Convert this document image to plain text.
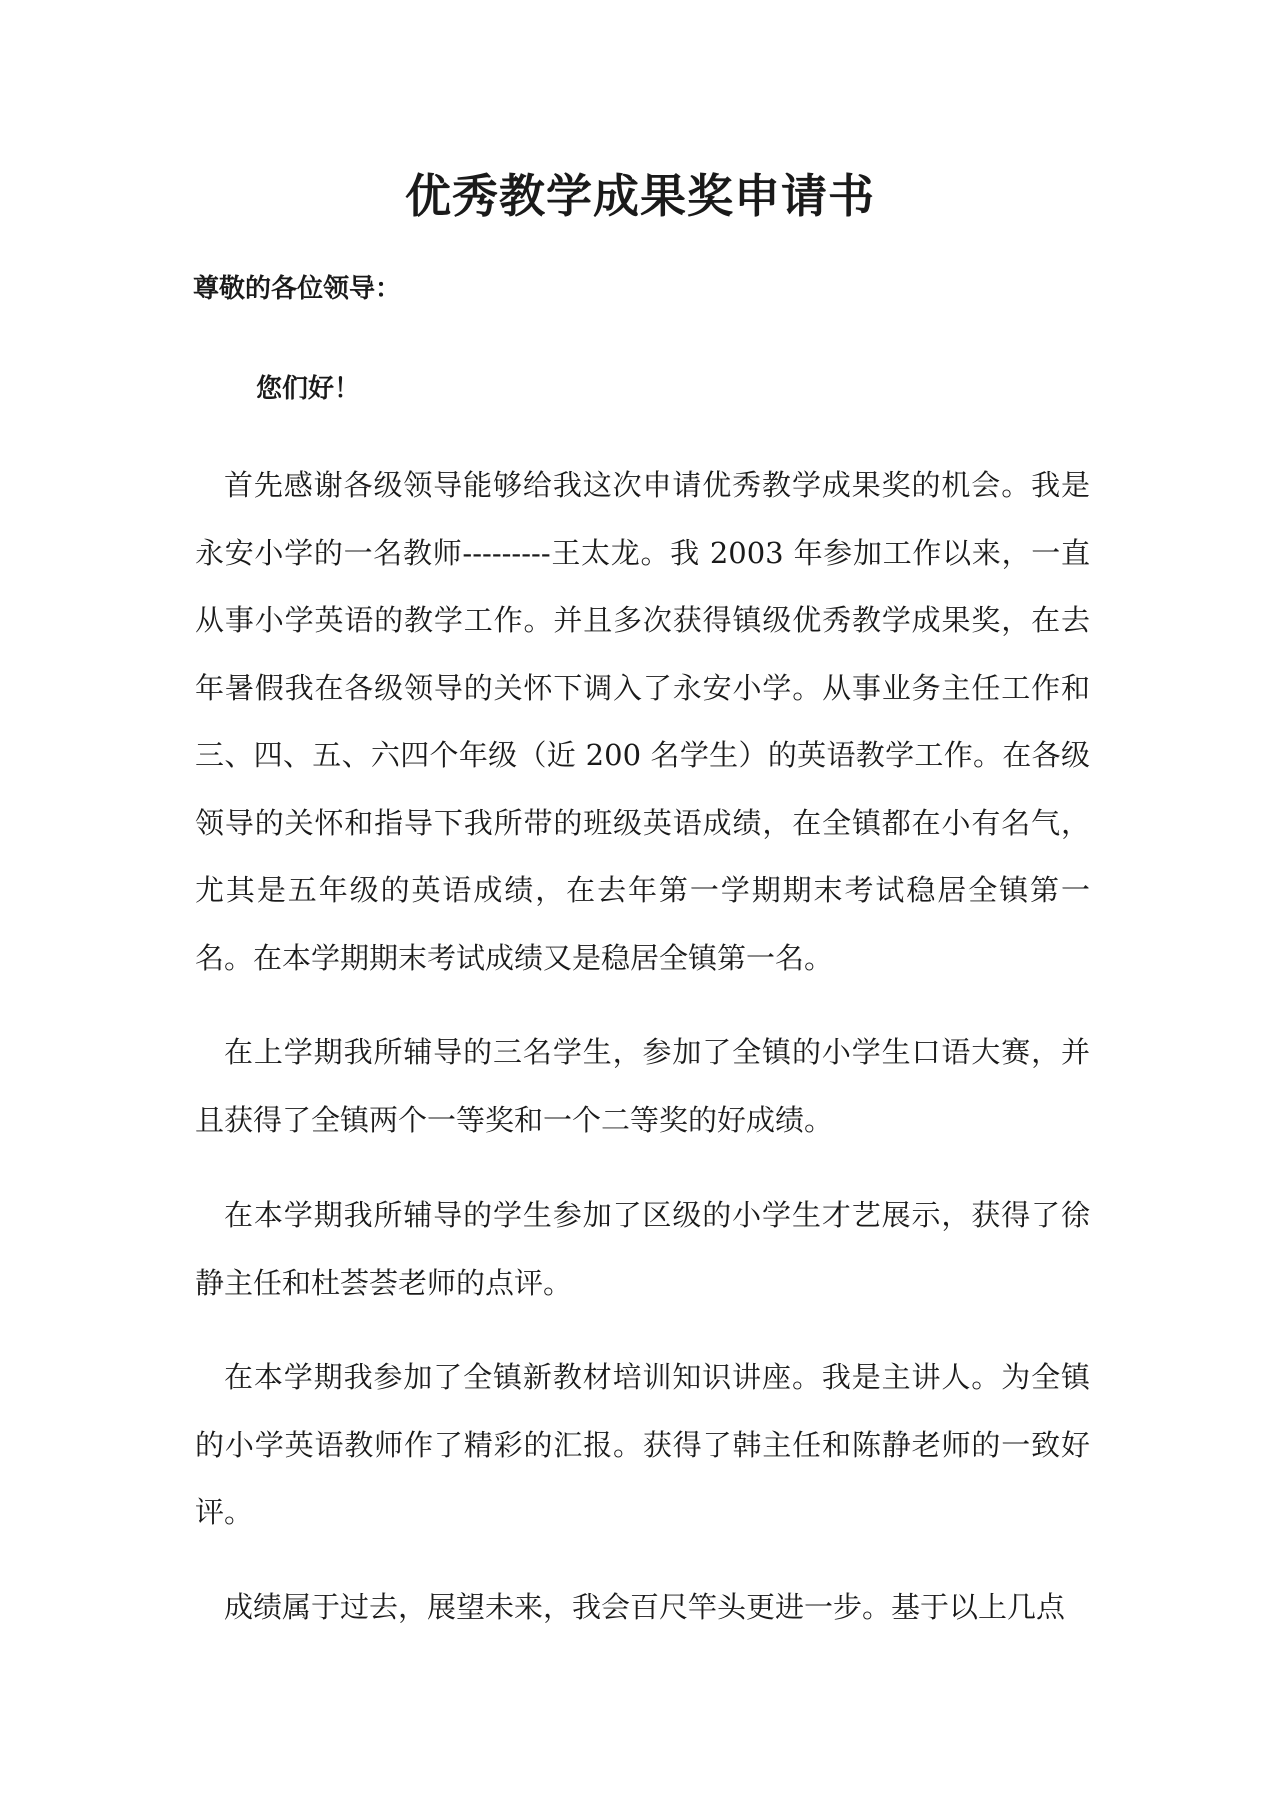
优秀教学成果奖申请书

尊敬的各位领导：

您们好！

首先感谢各级领导能够给我这次申请优秀教学成果奖的机会。我是永安小学的一名教师---------王太龙。我 2003 年参加工作以来，一直从事小学英语的教学工作。并且多次获得镇级优秀教学成果奖，在去年暑假我在各级领导的关怀下调入了永安小学。从事业务主任工作和三、四、五、六四个年级（近 200 名学生）的英语教学工作。在各级领导的关怀和指导下我所带的班级英语成绩，在全镇都在小有名气，尤其是五年级的英语成绩，在去年第一学期期末考试稳居全镇第一名。在本学期期末考试成绩又是稳居全镇第一名。

在上学期我所辅导的三名学生，参加了全镇的小学生口语大赛，并且获得了全镇两个一等奖和一个二等奖的好成绩。

在本学期我所辅导的学生参加了区级的小学生才艺展示，获得了徐静主任和杜荟荟老师的点评。

在本学期我参加了全镇新教材培训知识讲座。我是主讲人。为全镇的小学英语教师作了精彩的汇报。获得了韩主任和陈静老师的一致好评。

成绩属于过去，展望未来，我会百尺竿头更进一步。基于以上几点
